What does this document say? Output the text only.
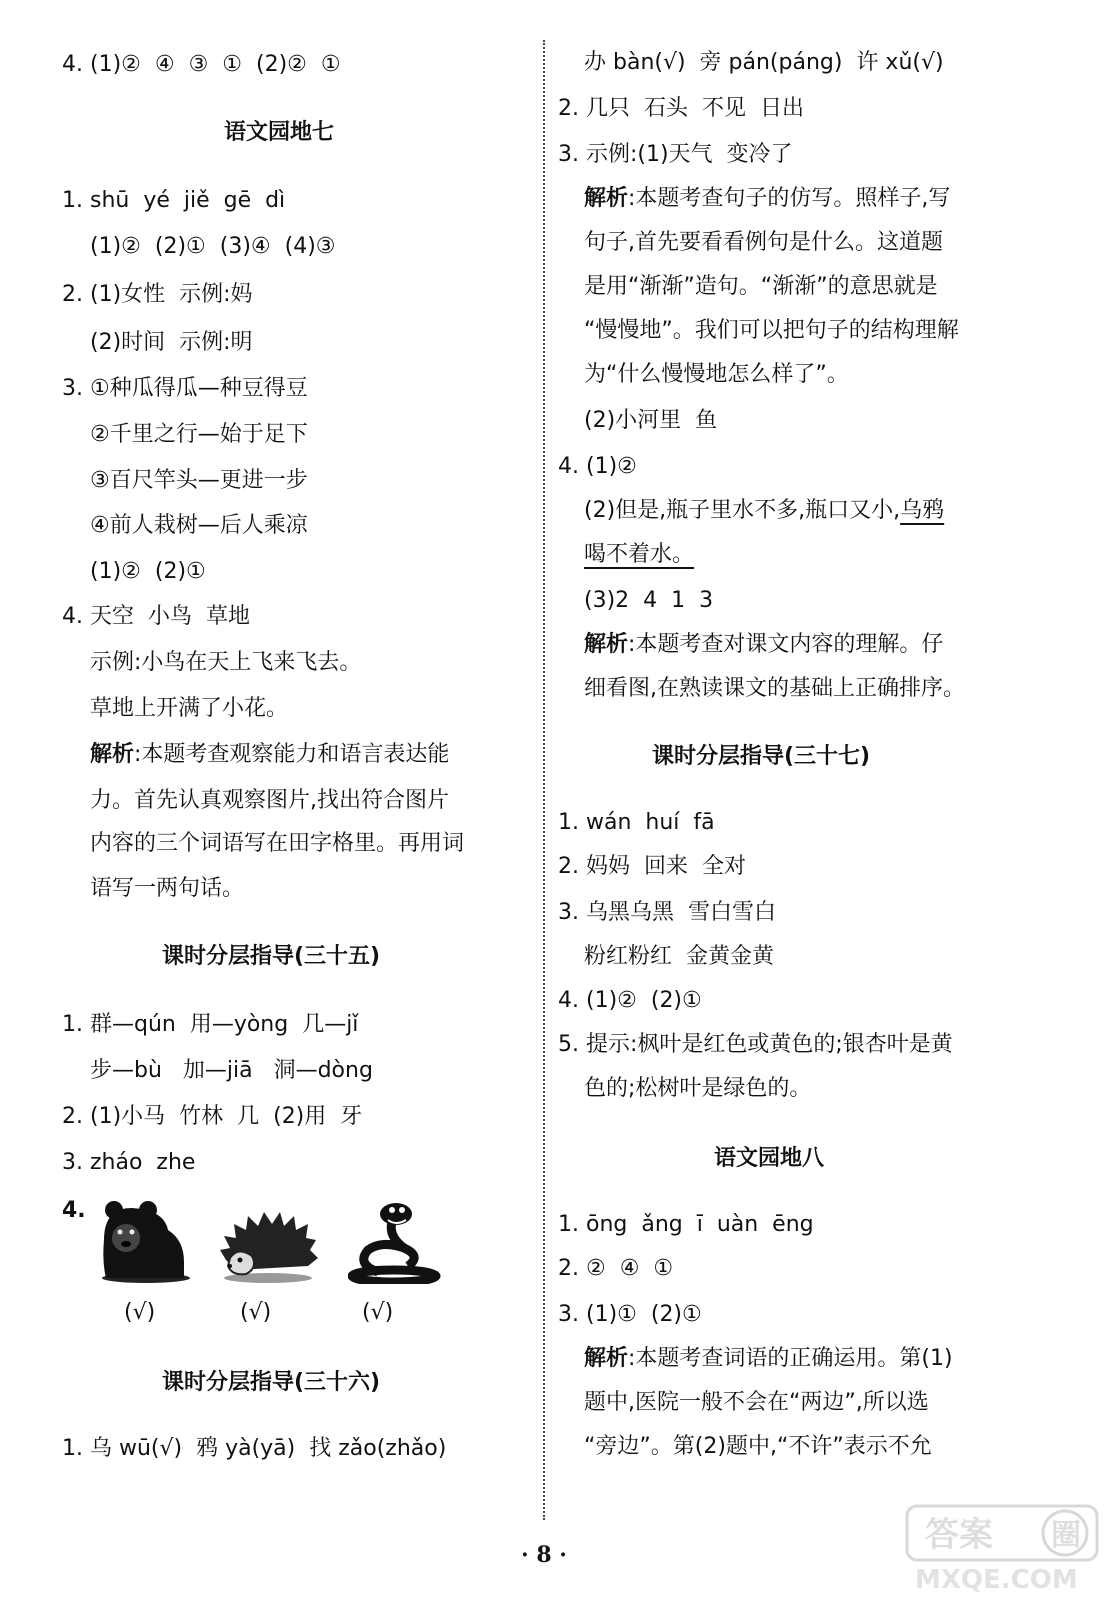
4. (1)②  ④  ③  ①  (2)②  ①
语文园地七
1. shū  yé  jiě  gē  dì
(1)②  (2)①  (3)④  (4)③
2. (1)女性  示例:妈
(2)时间  示例:明
3. ①种瓜得瓜—种豆得豆
②千里之行—始于足下
③百尺竿头—更进一步
④前人栽树—后人乘凉
(1)②  (2)①
4. 天空  小鸟  草地
示例:小鸟在天上飞来飞去。
草地上开满了小花。
解析:本题考查观察能力和语言表达能
力。首先认真观察图片,找出符合图片
内容的三个词语写在田字格里。再用词
语写一两句话。
课时分层指导(三十五)
1. 群—qún  用—yòng  几—jǐ
步—bù   加—jiā   洞—dòng
2. (1)小马  竹林  几  (2)用  牙
3. zháo  zhe
4.
(√)	(√)	(√)
课时分层指导(三十六)
1. 乌 wū(√)  鸦 yà(yā)  找 zǎo(zhǎo)
办 bàn(√)  旁 pán(páng)  许 xǔ(√)
2. 几只  石头  不见  日出
3. 示例:(1)天气  变冷了
解析:本题考查句子的仿写。照样子,写
句子,首先要看看例句是什么。这道题
是用“渐渐”造句。“渐渐”的意思就是
“慢慢地”。我们可以把句子的结构理解
为“什么慢慢地怎么样了”。
(2)小河里  鱼
4. (1)②
(2)但是,瓶子里水不多,瓶口又小,乌鸦
喝不着水。
(3)2  4  1  3
解析:本题考查对课文内容的理解。仔
细看图,在熟读课文的基础上正确排序。
课时分层指导(三十七)
1. wán  huí  fā
2. 妈妈  回来  全对
3. 乌黑乌黑  雪白雪白
粉红粉红  金黄金黄
4. (1)②  (2)①
5. 提示:枫叶是红色或黄色的;银杏叶是黄
色的;松树叶是绿色的。
语文园地八
1. ōng  ǎng  ī  uàn  ēng
2. ②  ④  ①
3. (1)①  (2)①
解析:本题考查词语的正确运用。第(1)
题中,医院一般不会在“两边”,所以选
“旁边”。第(2)题中,“不许”表示不允
· 8 ·	答案 圈
MXQE.COM
